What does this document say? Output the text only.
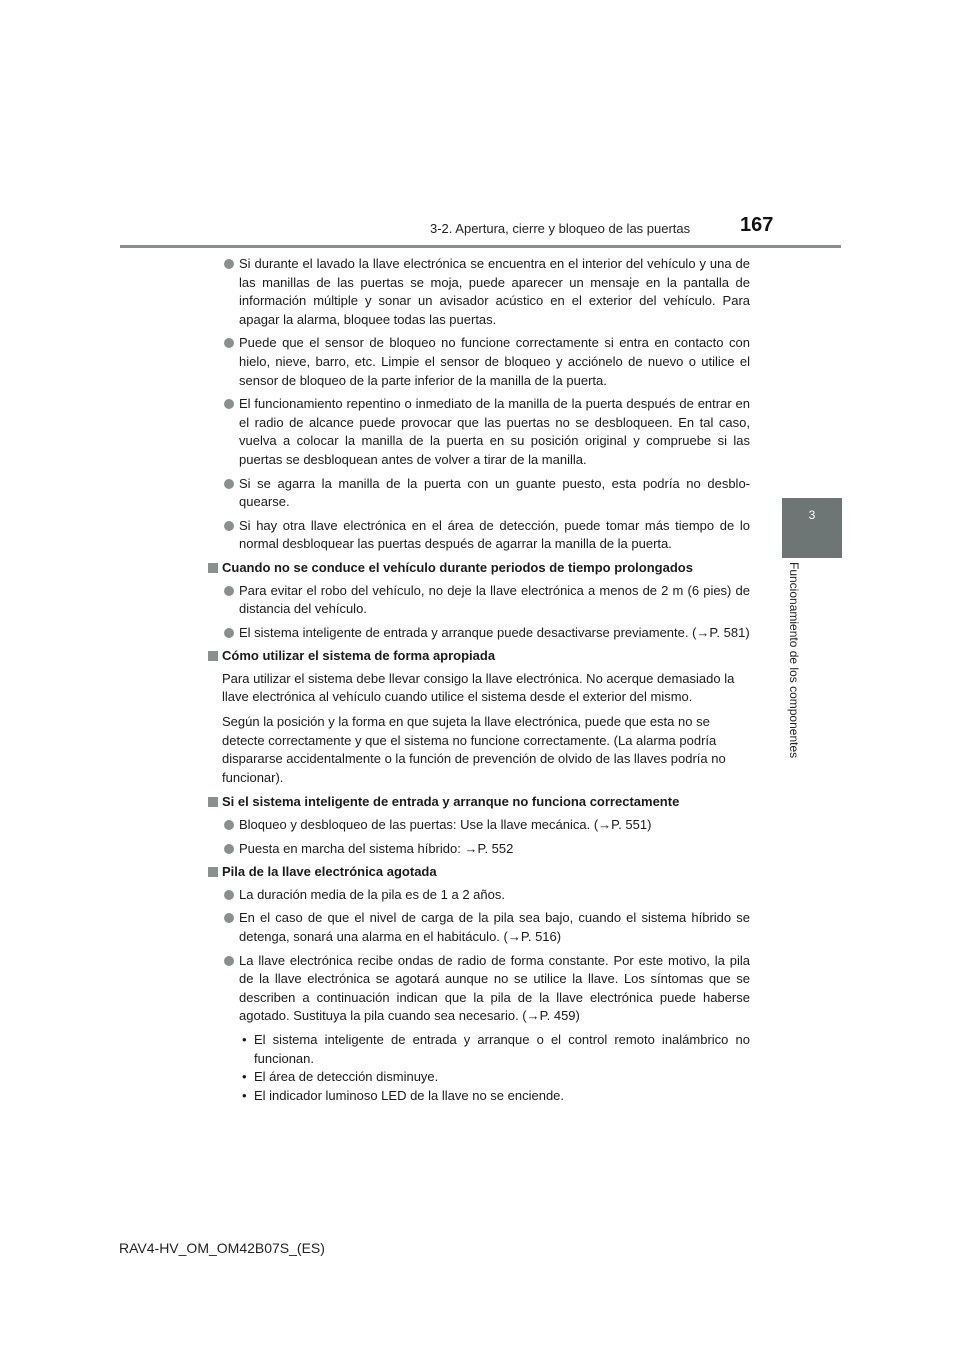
3-2. Apertura, cierre y bloqueo de las puertas 167
3
Funcionamiento de los componentes
Si durante el lavado la llave electrónica se encuentra en el interior del vehículo y una de las manillas de las puertas se moja, puede aparecer un mensaje en la pantalla de información múltiple y sonar un avisador acústico en el exterior del vehículo. Para apagar la alarma, bloquee todas las puertas.
Puede que el sensor de bloqueo no funcione correctamente si entra en contacto con hielo, nieve, barro, etc. Limpie el sensor de bloqueo y acciónelo de nuevo o utilice el sensor de bloqueo de la parte inferior de la manilla de la puerta.
El funcionamiento repentino o inmediato de la manilla de la puerta después de entrar en el radio de alcance puede provocar que las puertas no se desbloqueen. En tal caso, vuelva a colocar la manilla de la puerta en su posición original y compruebe si las puertas se desbloquean antes de volver a tirar de la manilla.
Si se agarra la manilla de la puerta con un guante puesto, esta podría no desblo-quearse.
Si hay otra llave electrónica en el área de detección, puede tomar más tiempo de lo normal desbloquear las puertas después de agarrar la manilla de la puerta.
Cuando no se conduce el vehículo durante periodos de tiempo prolongados
Para evitar el robo del vehículo, no deje la llave electrónica a menos de 2 m (6 pies) de distancia del vehículo.
El sistema inteligente de entrada y arranque puede desactivarse previamente. (→P. 581)
Cómo utilizar el sistema de forma apropiada
Para utilizar el sistema debe llevar consigo la llave electrónica. No acerque demasiado la llave electrónica al vehículo cuando utilice el sistema desde el exterior del mismo.
Según la posición y la forma en que sujeta la llave electrónica, puede que esta no se detecte correctamente y que el sistema no funcione correctamente. (La alarma podría dispararse accidentalmente o la función de prevención de olvido de las llaves podría no funcionar).
Si el sistema inteligente de entrada y arranque no funciona correctamente
Bloqueo y desbloqueo de las puertas: Use la llave mecánica. (→P. 551)
Puesta en marcha del sistema híbrido: →P. 552
Pila de la llave electrónica agotada
La duración media de la pila es de 1 a 2 años.
En el caso de que el nivel de carga de la pila sea bajo, cuando el sistema híbrido se detenga, sonará una alarma en el habitáculo. (→P. 516)
La llave electrónica recibe ondas de radio de forma constante. Por este motivo, la pila de la llave electrónica se agotará aunque no se utilice la llave. Los síntomas que se describen a continuación indican que la pila de la llave electrónica puede haberse agotado. Sustituya la pila cuando sea necesario. (→P. 459)
• El sistema inteligente de entrada y arranque o el control remoto inalámbrico no funcionan.
• El área de detección disminuye.
• El indicador luminoso LED de la llave no se enciende.
RAV4-HV_OM_OM42B07S_(ES)
